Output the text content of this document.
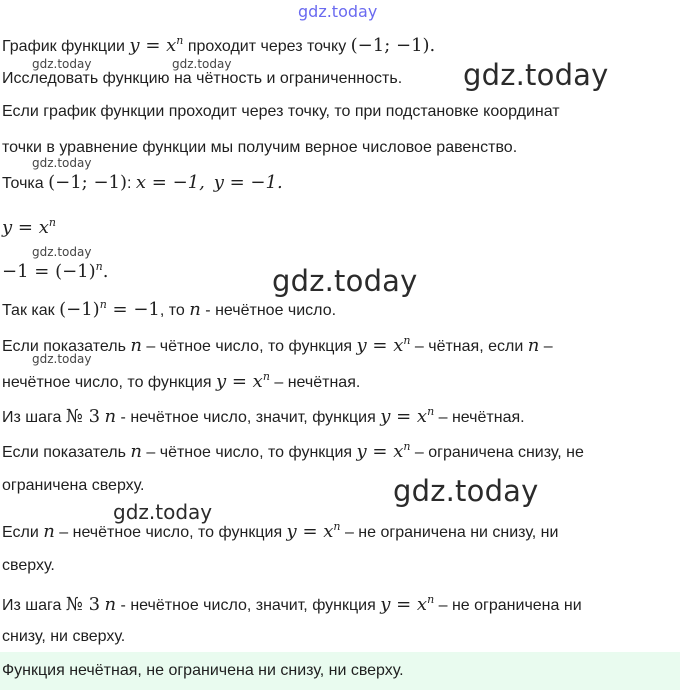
gdz.today
gdz.today	gdz.today	gdz.today
gdz.today
gdz.today
gdz.today
gdz.today
gdz.today
gdz.today
График функции $y = x^n$ проходит через точку (−1; −1).
Исследовать функцию на чётность и ограниченность.
Если график функции проходит через точку, то при подстановке координат
точки в уравнение функции мы получим верное числовое равенство.
Точка (−1; −1): x = −1, y = −1.
$y = x^n$
$-1 = (-1)^n$.
Так как $(-1)^n = -1$, то n - нечётное число.
Если показатель n – чётное число, то функция $y = x^n$ – чётная, если n –
нечётное число, то функция $y = x^n$ – нечётная.
Из шага № 3 n - нечётное число, значит, функция $y = x^n$ – нечётная.
Если показатель n – чётное число, то функция $y = x^n$ – ограничена снизу, не
ограничена сверху.
Если n – нечётное число, то функция $y = x^n$ – не ограничена ни снизу, ни
сверху.
Из шага № 3 n - нечётное число, значит, функция $y = x^n$ – не ограничена ни
снизу, ни сверху.
Функция нечётная, не ограничена ни снизу, ни сверху.
